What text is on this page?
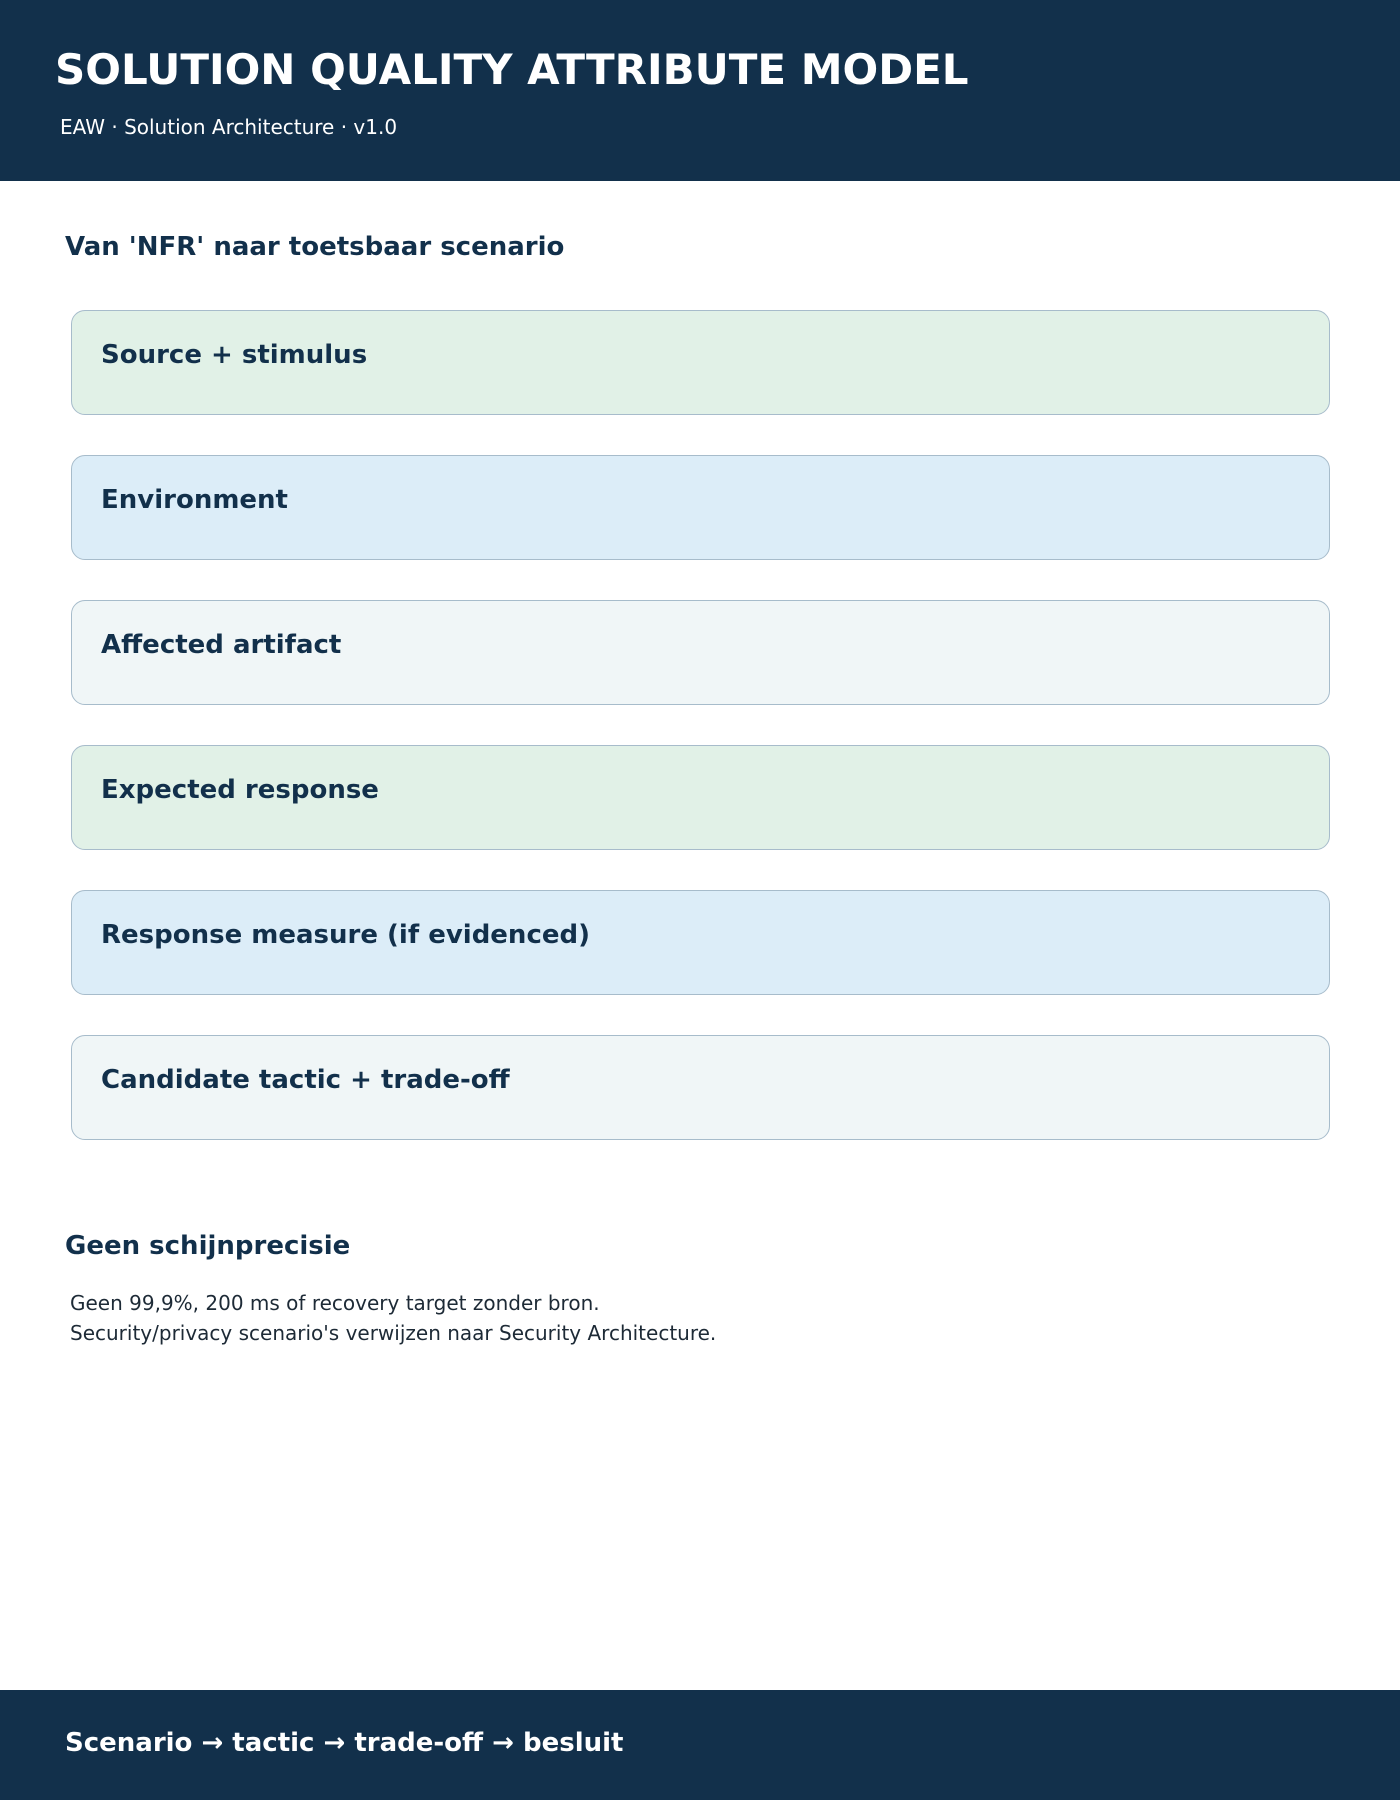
SOLUTION QUALITY ATTRIBUTE MODEL
EAW · Solution Architecture · v1.0
Van 'NFR' naar toetsbaar scenario
Source + stimulus
Environment
Affected artifact
Expected response
Response measure (if evidenced)
Candidate tactic + trade-off
Geen schijnprecisie
Geen 99,9%, 200 ms of recovery target zonder bron.
Security/privacy scenario's verwijzen naar Security Architecture.
Scenario → tactic → trade-off → besluit
